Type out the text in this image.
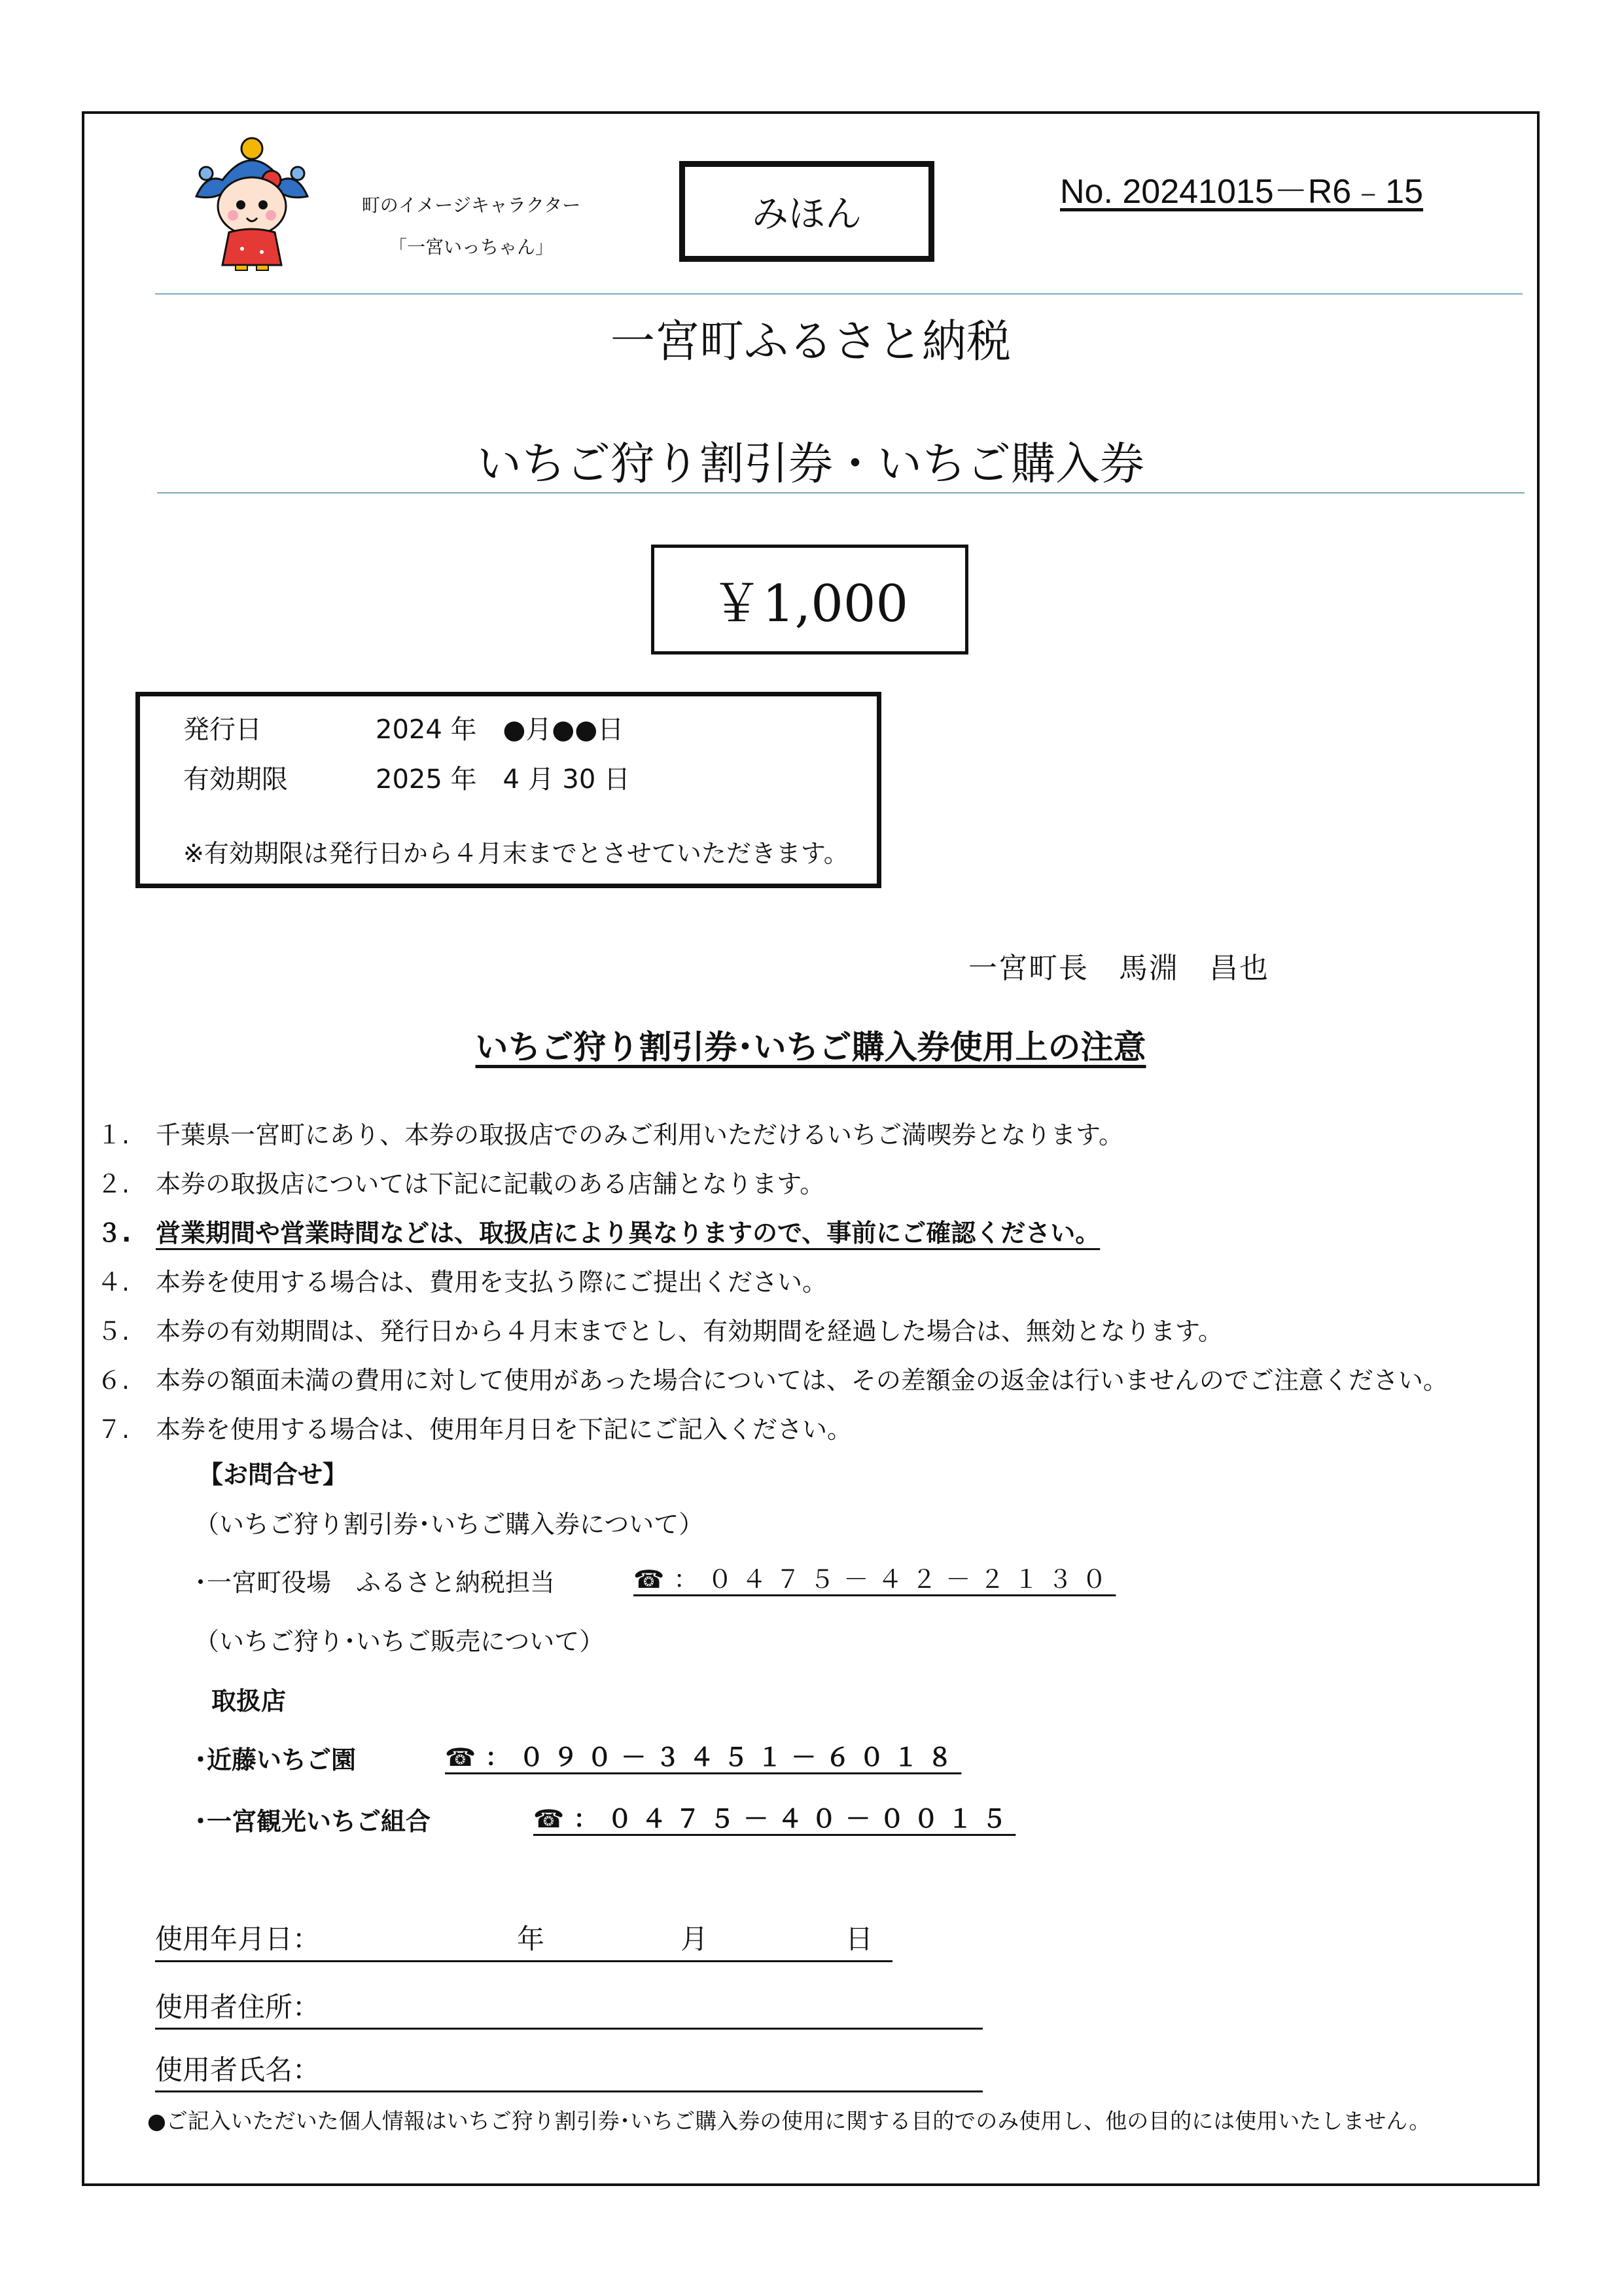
町のイメージキャラクター
「一宮いっちゃん」
みほん
No. 20241015－R6﹣15
一宮町ふるさと納税
いちご狩り割引券・いちご購入券
￥1,000
発行日	2024 年　●月●●日
有効期限	2025 年　4 月 30 日
※有効期限は発行日から４月末までとさせていただきます。
一宮町長　馬淵　昌也
いちご狩り割引券･いちご購入券使用上の注意
１. 千葉県一宮町にあり、本券の取扱店でのみご利用いただけるいちご満喫券となります。
２. 本券の取扱店については下記に記載のある店舗となります。
３. 営業期間や営業時間などは、取扱店により異なりますので、事前にご確認ください。
４. 本券を使用する場合は、費用を支払う際にご提出ください。
５. 本券の有効期間は、発行日から４月末までとし、有効期間を経過した場合は、無効となります。
６. 本券の額面未満の費用に対して使用があった場合については、その差額金の返金は行いませんのでご注意ください。
７. 本券を使用する場合は、使用年月日を下記にご記入ください。
【お問合せ】
（いちご狩り割引券･いちご購入券について）
･一宮町役場　ふるさと納税担当	☎：０４７５－４２－２１３０
（いちご狩り･いちご販売について）
取扱店
･近藤いちご園	☎：０９０－３４５１－６０１８
･一宮観光いちご組合	☎：０４７５－４０－００１５
使用年月日：	年	月	日
使用者住所：
使用者氏名：
●ご記入いただいた個人情報はいちご狩り割引券･いちご購入券の使用に関する目的でのみ使用し、他の目的には使用いたしません。
